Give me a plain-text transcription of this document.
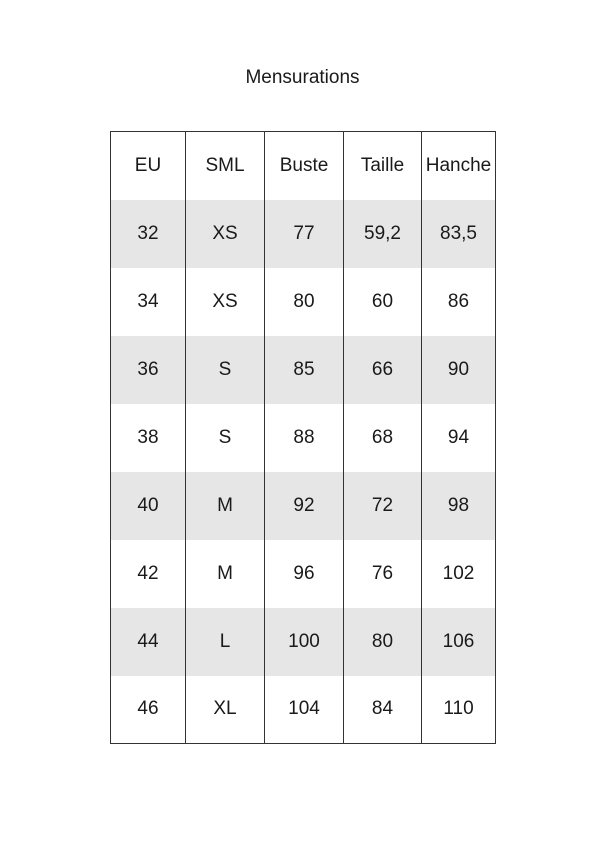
Mensurations
EU	SML	Buste	Taille	Hanche
32	XS	77	59,2	83,5
34	XS	80	60	86
36	S	85	66	90
38	S	88	68	94
40	M	92	72	98
42	M	96	76	102
44	L	100	80	106
46	XL	104	84	110
